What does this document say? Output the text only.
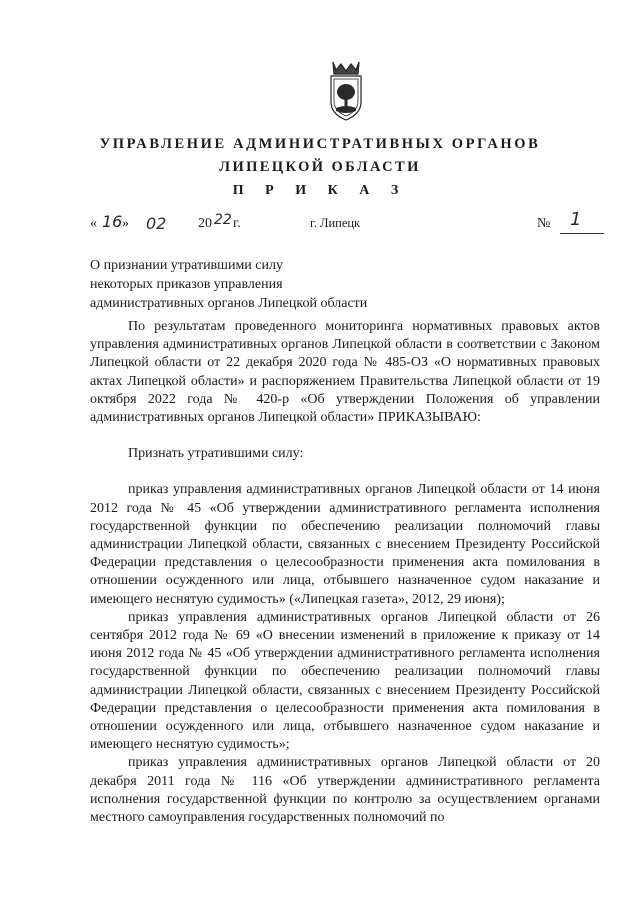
УПРАВЛЕНИЕ АДМИНИСТРАТИВНЫХ ОРГАНОВ
ЛИПЕЦКОЙ ОБЛАСТИ
П Р И К А З
« 16 » 02 20 22 г.	г. Липецк	№ 1
О признании утратившими силу
некоторых приказов управления
административных органов Липецкой области

По результатам проведенного мониторинга нормативных правовых актов управления административных органов Липецкой области в соответствии с Законом Липецкой области от 22 декабря 2020 года № 485-ОЗ «О нормативных правовых актах Липецкой области» и распоряжением Правительства Липецкой области от 19 октября 2022 года № 420-р «Об утверждении Положения об управлении административных органов Липецкой области» ПРИКАЗЫВАЮ:

Признать утратившими силу:

приказ управления административных органов Липецкой области от 14 июня 2012 года № 45 «Об утверждении административного регламента исполнения государственной функции по обеспечению реализации полномочий главы администрации Липецкой области, связанных с внесением Президенту Российской Федерации представления о целесообразности применения акта помилования в отношении осужденного или лица, отбывшего назначенное судом наказание и имеющего неснятую судимость» («Липецкая газета», 2012, 29 июня);

приказ управления административных органов Липецкой области от 26 сентября 2012 года № 69 «О внесении изменений в приложение к приказу от 14 июня 2012 года № 45 «Об утверждении административного регламента исполнения государственной функции по обеспечению реализации полномочий главы администрации Липецкой области, связанных с внесением Президенту Российской Федерации представления о целесообразности применения акта помилования в отношении осужденного или лица, отбывшего назначенное судом наказание и имеющего неснятую судимость»;

приказ управления административных органов Липецкой области от 20 декабря 2011 года № 116 «Об утверждении административного регламента исполнения государственной функции по контролю за осуществлением органами местного самоуправления государственных полномочий по
